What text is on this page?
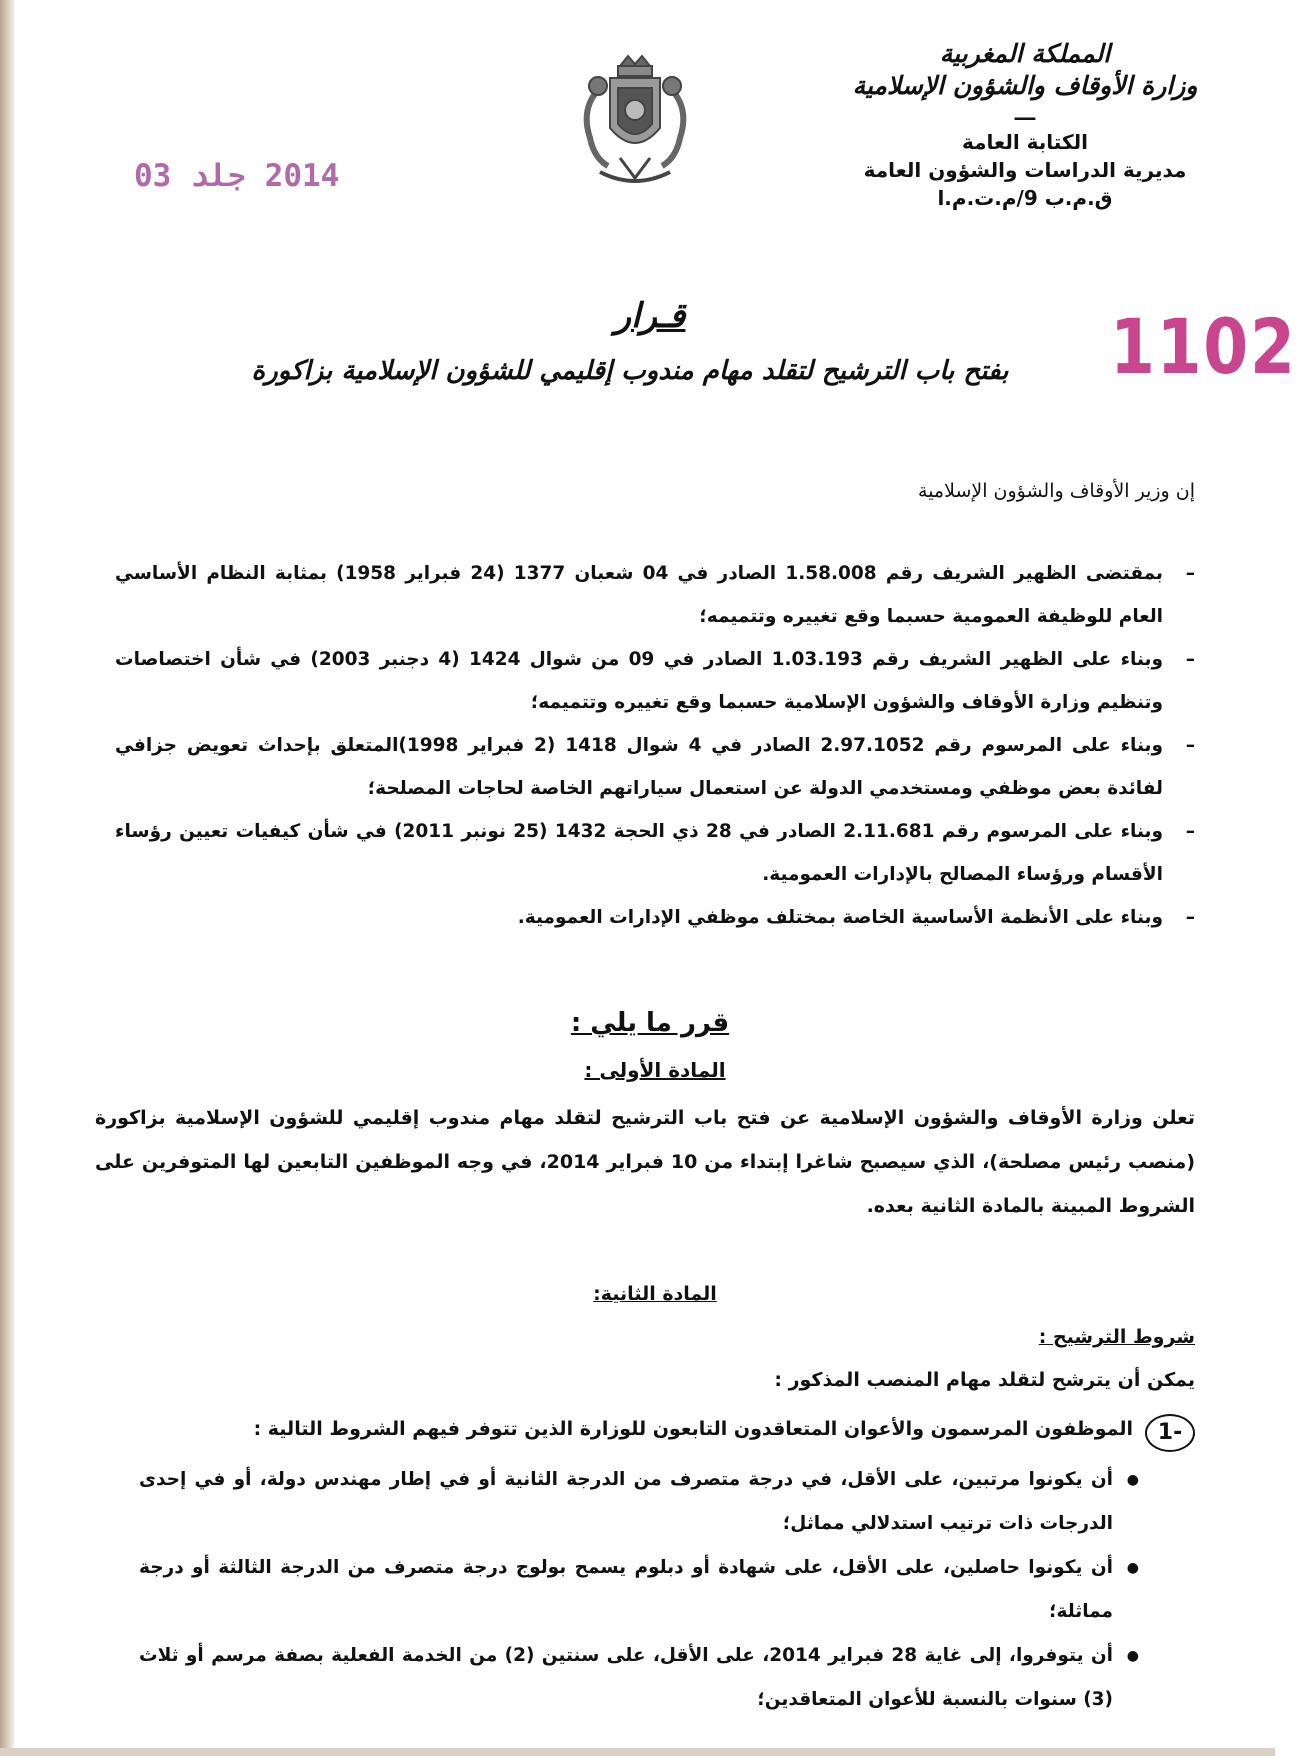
المملكة المغربية
وزارة الأوقاف والشؤون الإسلامية
ـــ
الكتابة العامة
مديرية الدراسات والشؤون العامة
ق.م.ب 9/م.ت.م.ا
2014 جلد 03
1102
قـرار
بفتح باب الترشيح لتقلد مهام مندوب إقليمي للشؤون الإسلامية بزاكورة
إن وزير الأوقاف والشؤون الإسلامية
– بمقتضى الظهير الشريف رقم 1.58.008 الصادر في 04 شعبان 1377 (24 فبراير 1958) بمثابة النظام الأساسي العام للوظيفة العمومية حسبما وقع تغييره وتتميمه؛
– وبناء على الظهير الشريف رقم 1.03.193 الصادر في 09 من شوال 1424 (4 دجنبر 2003) في شأن اختصاصات وتنظيم وزارة الأوقاف والشؤون الإسلامية حسبما وقع تغييره وتتميمه؛
– وبناء على المرسوم رقم 2.97.1052 الصادر في 4 شوال 1418 (2 فبراير 1998)المتعلق بإحداث تعويض جزافي لفائدة بعض موظفي ومستخدمي الدولة عن استعمال سياراتهم الخاصة لحاجات المصلحة؛
– وبناء على المرسوم رقم 2.11.681 الصادر في 28 ذي الحجة 1432 (25 نونبر 2011) في شأن كيفيات تعيين رؤساء الأقسام ورؤساء المصالح بالإدارات العمومية.
– وبناء على الأنظمة الأساسية الخاصة بمختلف موظفي الإدارات العمومية.
قرر ما يلي :
المادة الأولى :
تعلن وزارة الأوقاف والشؤون الإسلامية عن فتح باب الترشيح لتقلد مهام مندوب إقليمي للشؤون الإسلامية بزاكورة (منصب رئيس مصلحة)، الذي سيصبح شاغرا إبتداء من 10 فبراير 2014، في وجه الموظفين التابعين لها المتوفرين على الشروط المبينة بالمادة الثانية بعده.
المادة الثانية:
شروط الترشيح :
يمكن أن يترشح لتقلد مهام المنصب المذكور :
1-
الموظفون المرسمون والأعوان المتعاقدون التابعون للوزارة الذين تتوفر فيهم الشروط التالية :
● أن يكونوا مرتبين، على الأقل، في درجة متصرف من الدرجة الثانية أو في إطار مهندس دولة، أو في إحدى الدرجات ذات ترتيب استدلالي مماثل؛
● أن يكونوا حاصلين، على الأقل، على شهادة أو دبلوم يسمح بولوج درجة متصرف من الدرجة الثالثة أو درجة مماثلة؛
● أن يتوفروا، إلى غاية 28 فبراير 2014، على الأقل، على سنتين (2) من الخدمة الفعلية بصفة مرسم أو ثلاث (3) سنوات بالنسبة للأعوان المتعاقدين؛
